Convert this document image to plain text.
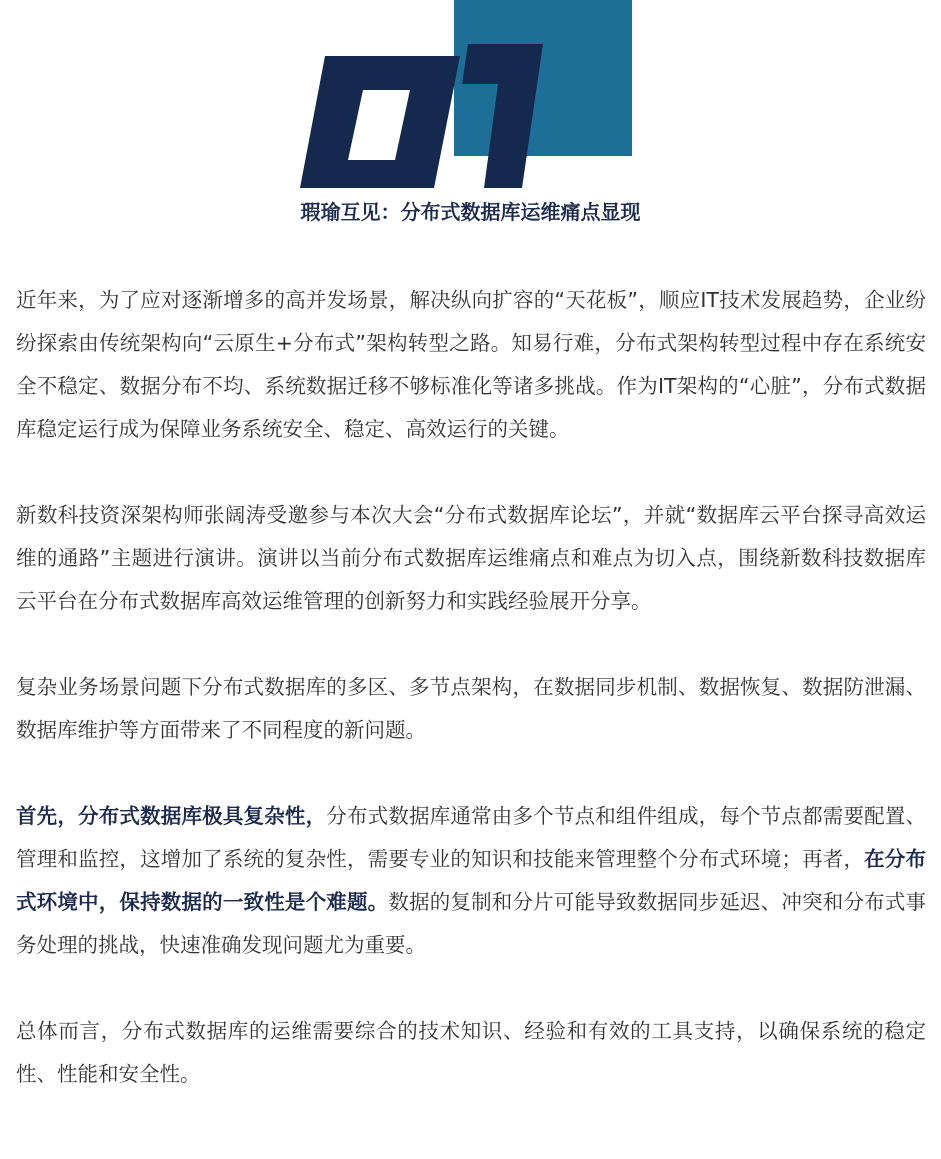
瑕瑜互见：分布式数据库运维痛点显现

近年来，为了应对逐渐增多的高并发场景，解决纵向扩容的“天花板”，顺应IT技术发展趋势，企业纷纷探索由传统架构向“云原生+分布式”架构转型之路。知易行难，分布式架构转型过程中存在系统安全不稳定、数据分布不均、系统数据迁移不够标准化等诸多挑战。作为IT架构的“心脏”，分布式数据库稳定运行成为保障业务系统安全、稳定、高效运行的关键。

新数科技资深架构师张阔涛受邀参与本次大会“分布式数据库论坛”，并就“数据库云平台探寻高效运维的通路”主题进行演讲。演讲以当前分布式数据库运维痛点和难点为切入点，围绕新数科技数据库云平台在分布式数据库高效运维管理的创新努力和实践经验展开分享。

复杂业务场景问题下分布式数据库的多区、多节点架构，在数据同步机制、数据恢复、数据防泄漏、数据库维护等方面带来了不同程度的新问题。

首先，分布式数据库极具复杂性，分布式数据库通常由多个节点和组件组成，每个节点都需要配置、管理和监控，这增加了系统的复杂性，需要专业的知识和技能来管理整个分布式环境；再者，在分布式环境中，保持数据的一致性是个难题。数据的复制和分片可能导致数据同步延迟、冲突和分布式事务处理的挑战，快速准确发现问题尤为重要。

总体而言，分布式数据库的运维需要综合的技术知识、经验和有效的工具支持，以确保系统的稳定性、性能和安全性。
